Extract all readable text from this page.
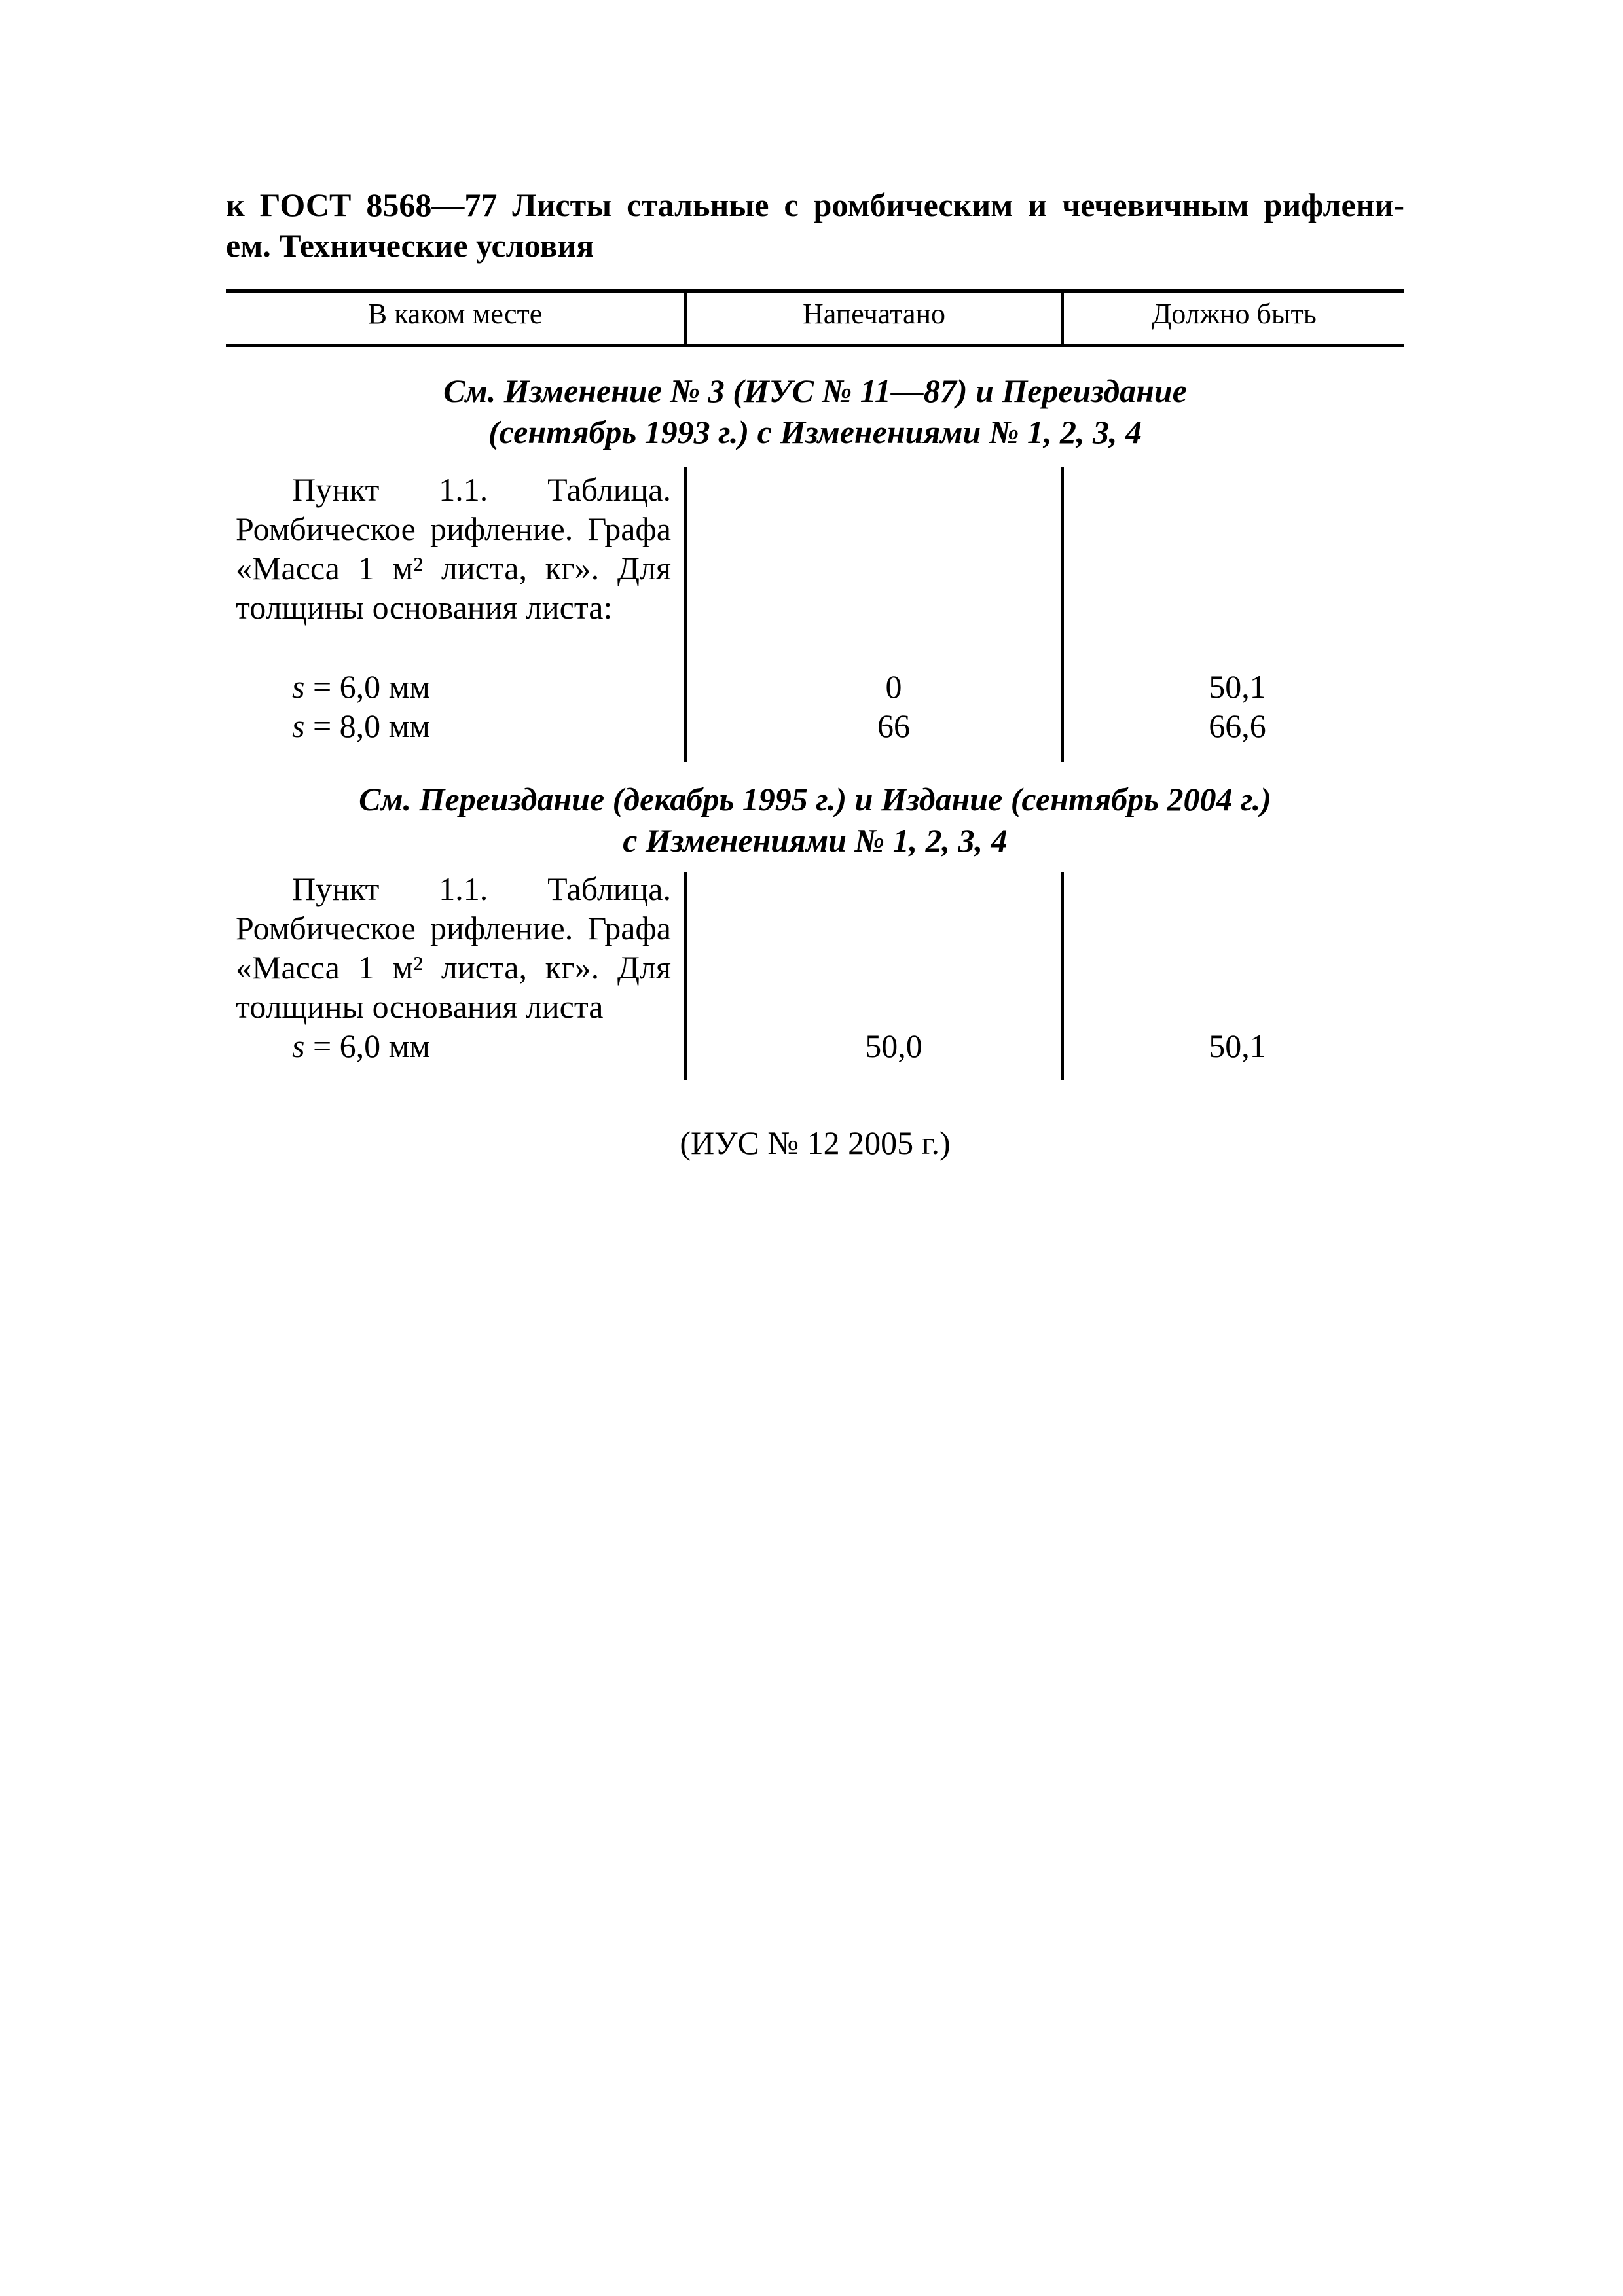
к ГОСТ 8568—77 Листы стальные с ромбическим и чечевичным рифлени-
ем. Технические условия
В каком месте	Напечатано	Должно быть
См. Изменение № 3 (ИУС № 11—87) и Переиздание
(сентябрь 1993 г.) с Изменениями № 1, 2, 3, 4

Пункт 1.1. Таблица. Ромбическое рифление. Графа «Масса 1 м² листа, кг». Для толщины основания листа:

s = 6,0 мм	0	50,1
s = 8,0 мм	66	66,6
См. Переиздание (декабрь 1995 г.) и Издание (сентябрь 2004 г.)
с Изменениями № 1, 2, 3, 4

Пункт 1.1. Таблица. Ромбическое рифление. Графа «Масса 1 м² листа, кг». Для толщины основания листа

s = 6,0 мм	50,0	50,1
(ИУС № 12 2005 г.)
